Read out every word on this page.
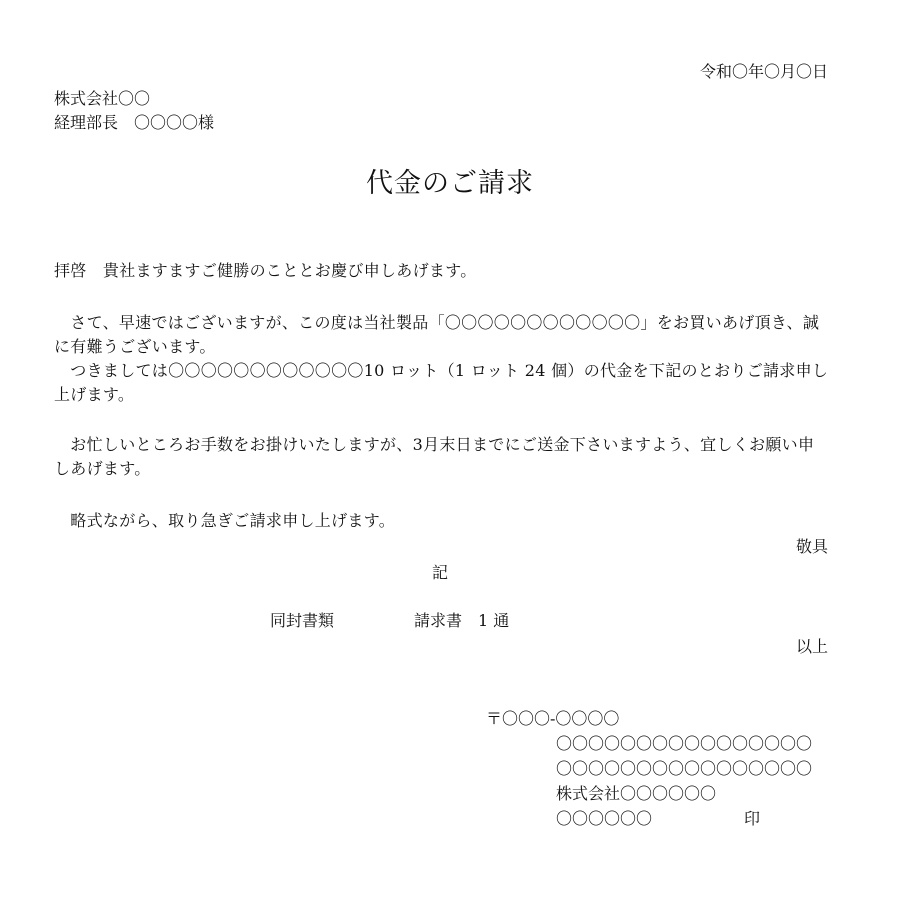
令和〇年〇月〇日
株式会社〇〇
経理部長　〇〇〇〇様
代金のご請求
拝啓　貴社ますますご健勝のこととお慶び申しあげます。
　さて、早速ではございますが、この度は当社製品「〇〇〇〇〇〇〇〇〇〇〇〇」をお買いあげ頂き、誠に有難うございます。
　つきましては〇〇〇〇〇〇〇〇〇〇〇〇10 ロット（1 ロット 24 個）の代金を下記のとおりご請求申し上げます。
　お忙しいところお手数をお掛けいたしますが、3月末日までにご送金下さいますよう、宜しくお願い申しあげます。
　略式ながら、取り急ぎご請求申し上げます。
敬具
記
同封書類	請求書　1 通
以上
〒〇〇〇-〇〇〇〇
〇〇〇〇〇〇〇〇〇〇〇〇〇〇〇〇
〇〇〇〇〇〇〇〇〇〇〇〇〇〇〇〇
株式会社〇〇〇〇〇〇
〇〇〇〇〇〇	印
